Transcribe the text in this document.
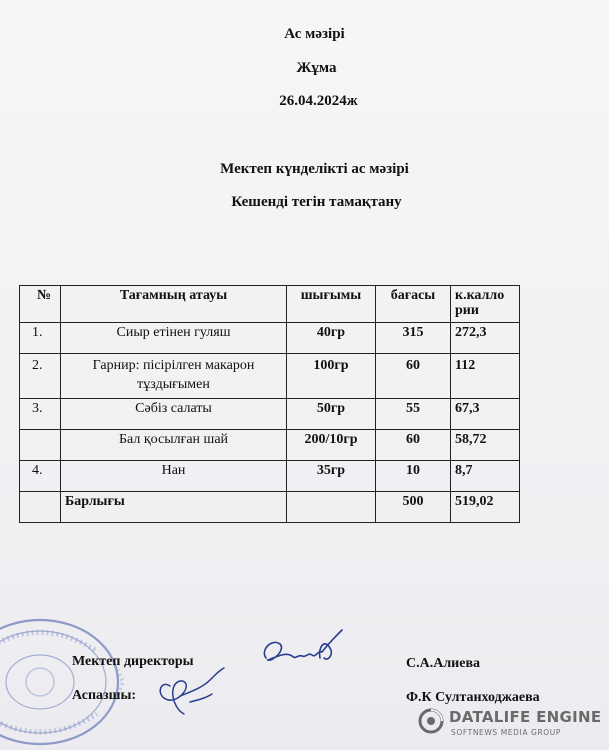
Ас мәзірі
Жұма
26.04.2024ж
Мектеп күнделікті ас мәзірі
Кешенді тегін тамақтану
№	Тағамның атауы	шығымы	бағасы	к.калло рии
1.	Сиыр етінен гуляш	40гр	315	272,3
2.	Гарнир: пісірілген макарон тұздығымен	100гр	60	112
3.	Сәбіз салаты	50гр	55	67,3
	Бал қосылған шай	200/10гр	60	58,72
4.	Нан	35гр	10	8,7
	Барлығы		500	519,02
Мектеп директоры
Аспазшы:
С.А.Алиева
Ф.К Султанходжаева
DATALIFE ENGINE
SOFTNEWS MEDIA GROUP
